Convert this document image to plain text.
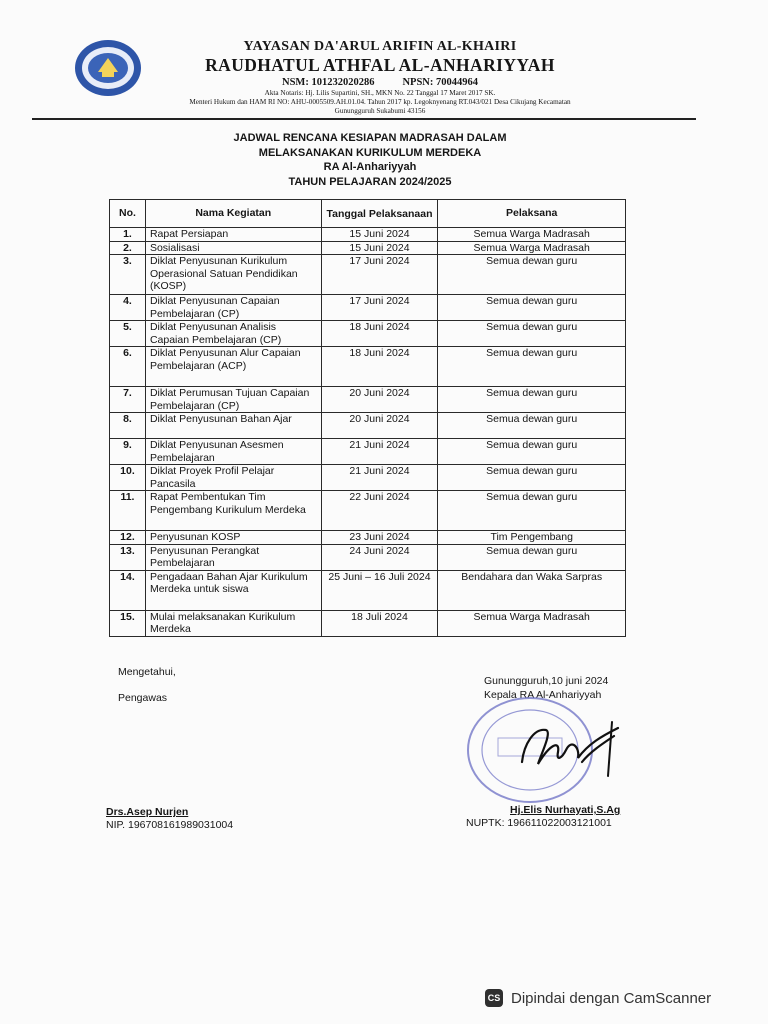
YAYASAN DA'ARUL ARIFIN AL-KHAIRI
RAUDHATUL ATHFAL AL-ANHARIYYAH
NSM: 101232020286	NPSN: 70044964
Akta Notaris: Hj. Lilis Supartini, SH., MKN No. 22 Tanggal 17 Maret 2017 SK.
Menteri Hukum dan HAM RI NO: AHU-0005509.AH.01.04. Tahun 2017 kp. Legoknyenang RT.043/021 Desa Cikujang Kecamatan
Gunungguruh Sukabumi 43156
JADWAL RENCANA KESIAPAN MADRASAH DALAM
MELAKSANAKAN KURIKULUM MERDEKA
RA Al-Anhariyyah
TAHUN PELAJARAN 2024/2025
No.	Nama Kegiatan	Tanggal Pelaksanaan	Pelaksana
1.	Rapat Persiapan	15 Juni 2024	Semua Warga Madrasah
2.	Sosialisasi	15 Juni 2024	Semua Warga Madrasah
3.	Diklat Penyusunan Kurikulum Operasional Satuan Pendidikan (KOSP)	17 Juni 2024	Semua dewan guru
4.	Diklat Penyusunan Capaian Pembelajaran (CP)	17 Juni 2024	Semua dewan guru
5.	Diklat Penyusunan Analisis Capaian Pembelajaran (CP)	18 Juni 2024	Semua dewan guru
6.	Diklat Penyusunan Alur Capaian Pembelajaran (ACP)	18 Juni 2024	Semua dewan guru
7.	Diklat Perumusan Tujuan Capaian Pembelajaran (CP)	20 Juni 2024	Semua dewan guru
8.	Diklat Penyusunan Bahan Ajar	20 Juni 2024	Semua dewan guru
9.	Diklat Penyusunan Asesmen Pembelajaran	21 Juni 2024	Semua dewan guru
10.	Diklat Proyek Profil Pelajar Pancasila	21 Juni 2024	Semua dewan guru
11.	Rapat Pembentukan Tim Pengembang Kurikulum Merdeka	22 Juni 2024	Semua dewan guru
12.	Penyusunan KOSP	23 Juni 2024	Tim Pengembang
13.	Penyusunan Perangkat Pembelajaran	24 Juni 2024	Semua dewan guru
14.	Pengadaan Bahan Ajar Kurikulum Merdeka untuk siswa	25 Juni – 16 Juli 2024	Bendahara dan Waka Sarpras
15.	Mulai melaksanakan Kurikulum Merdeka	18 Juli 2024	Semua Warga Madrasah
Mengetahui,
Pengawas
Drs.Asep Nurjen
NIP. 196708161989031004
Gunungguruh,10 juni 2024
Kepala RA Al-Anhariyyah
Hj.Elis Nurhayati,S.Ag
NUPTK: 196611022003121001
CS Dipindai dengan CamScanner
